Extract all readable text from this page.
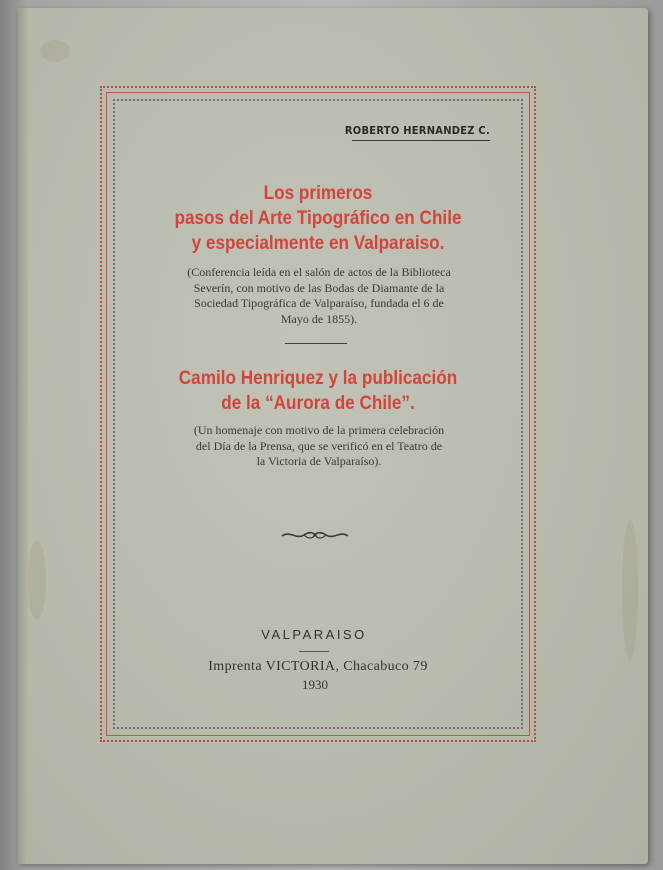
ROBERTO HERNANDEZ C.
Los primeros
pasos del Arte Tipográfico en Chile
y especialmente en Valparaiso.
(Conferencia leída en el salón de actos de la Biblioteca
Severín, con motivo de las Bodas de Diamante de la
Sociedad Tipográfica de Valparaíso, fundada el 6 de
Mayo de 1855).
Camilo Henriquez y la publicación
de la “Aurora de Chile”.
(Un homenaje con motivo de la primera celebración
del Día de la Prensa, que se verificó en el Teatro de
la Victoria de Valparaíso).
VALPARAISO
Imprenta VICTORIA, Chacabuco 79
1930
